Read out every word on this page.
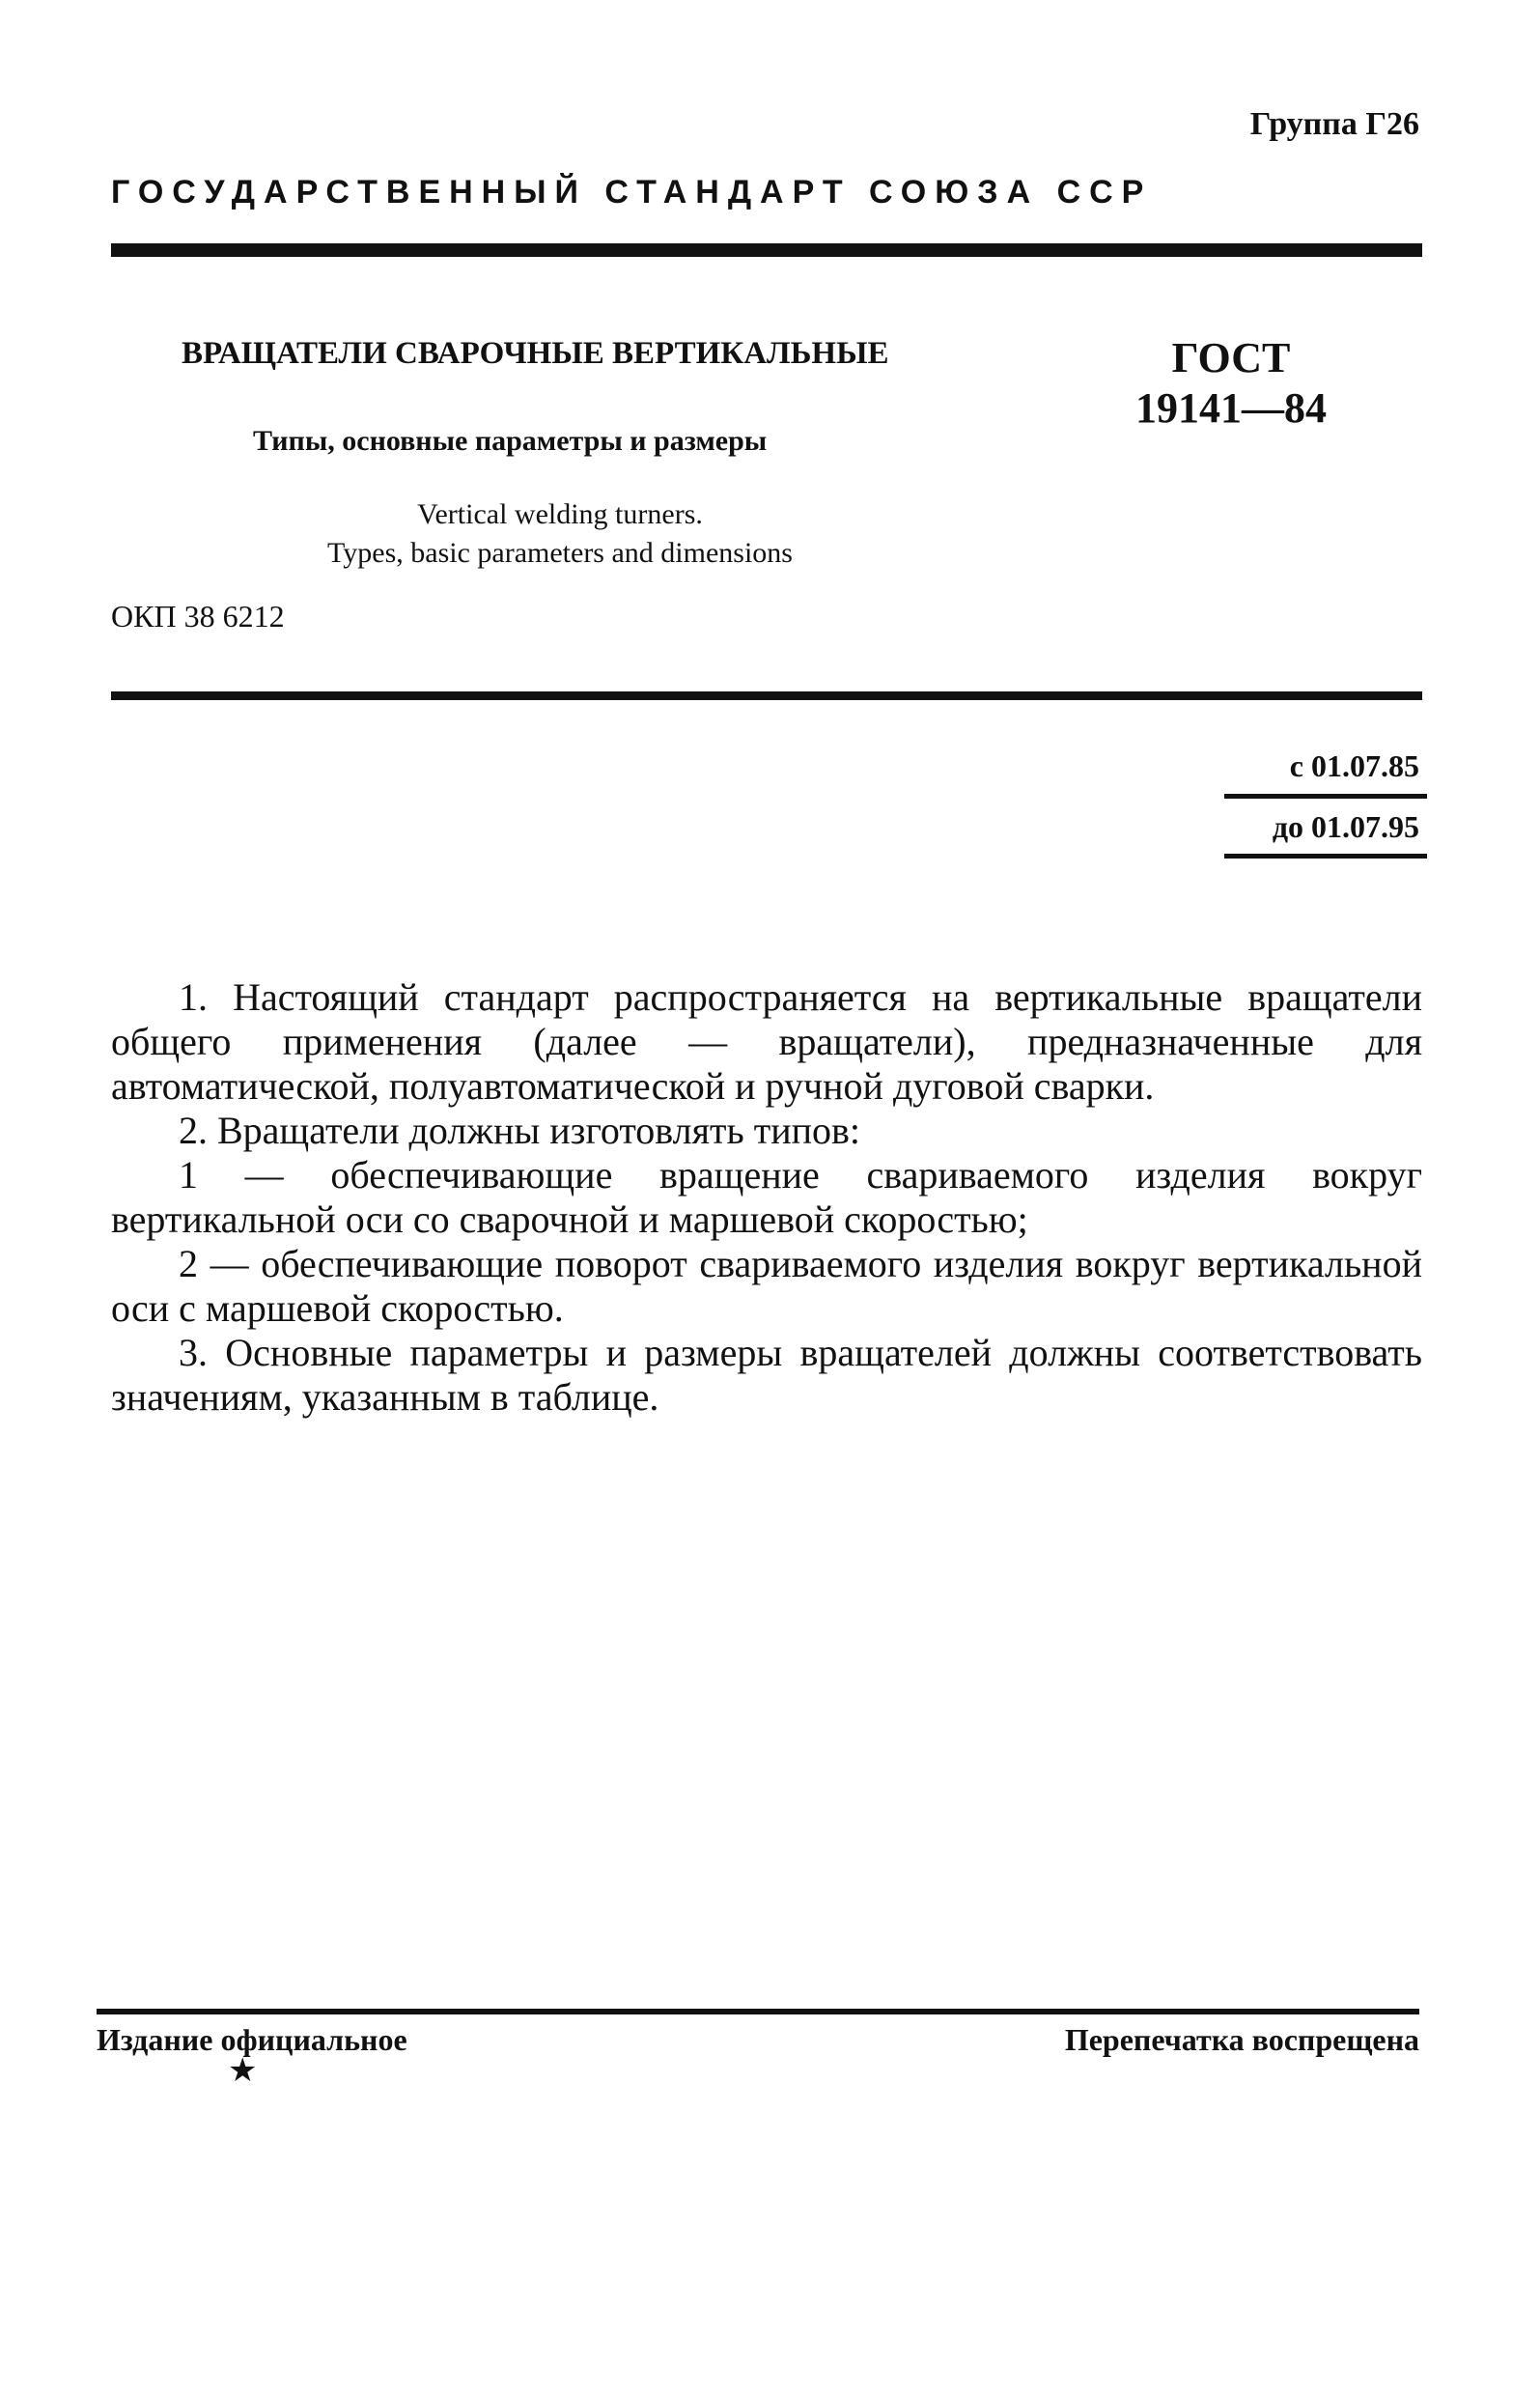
Группа Г26
ГОСУДАРСТВЕННЫЙ СТАНДАРТ СОЮЗА ССР
ВРАЩАТЕЛИ СВАРОЧНЫЕ ВЕРТИКАЛЬНЫЕ
Типы, основные параметры и размеры
Vertical welding turners.
Types, basic parameters and dimensions
ГОСТ
19141—84
ОКП 38 6212
с 01.07.85
до 01.07.95

1. Настоящий стандарт распространяется на вертикальные вращатели общего применения (далее — вращатели), предназначенные для автоматической, полуавтоматической и ручной дуговой сварки.

2. Вращатели должны изготовлять типов:

1 — обеспечивающие вращение свариваемого изделия вокруг вертикальной оси со сварочной и маршевой скоростью;

2 — обеспечивающие поворот свариваемого изделия вокруг вертикальной оси с маршевой скоростью.

3. Основные параметры и размеры вращателей должны соответствовать значениям, указанным в таблице.

Издание официальное	Перепечатка воспрещена
★
